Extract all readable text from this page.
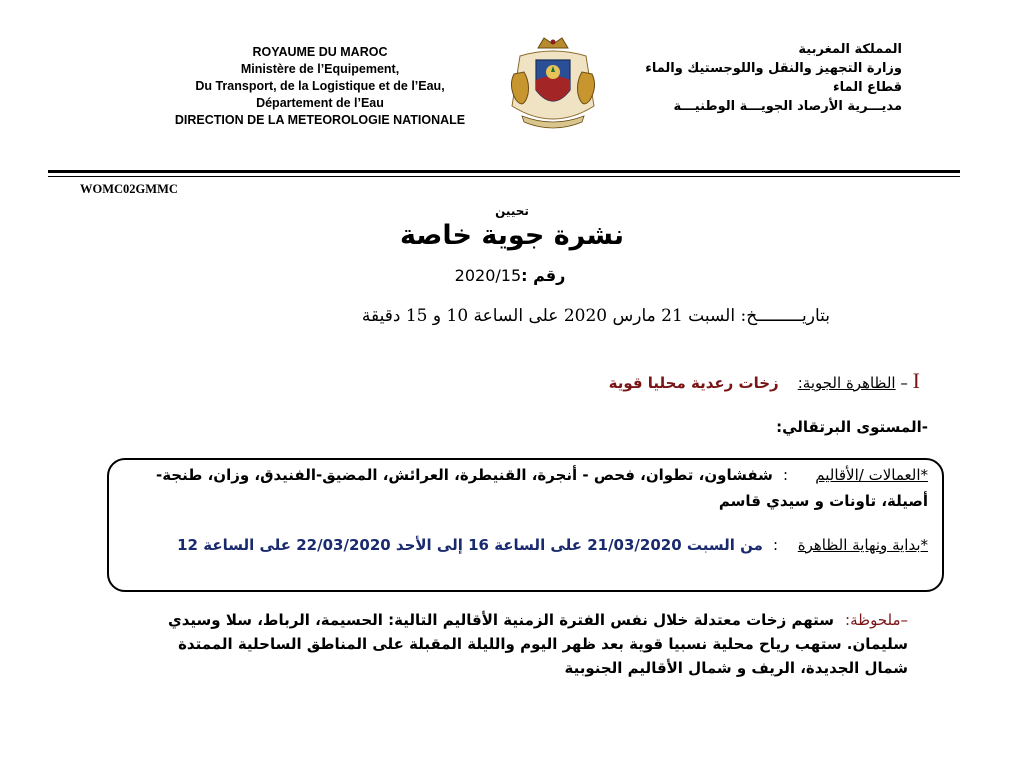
ROYAUME DU MAROC
Ministère de l’Equipement,
Du Transport, de la Logistique et de l’Eau,
Département de l’Eau
DIRECTION DE LA METEOROLOGIE NATIONALE
المملكة المغربية
وزارة التجهيز والنقل واللوجستيك والماء
قطاع الماء
مديـــرية الأرصاد الجويـــة الوطنيـــة
WOMC02GMMC
تحيين
نشرة جوية خاصة
رقم :2020/15
بتاريـــــــــخ: السبت 21 مارس 2020 على الساعة 10 و 15 دقيقة
I – الظاهرة الجوية:    زخات رعدية محليا قوية
-المستوى البرتقالي:
*العمالات /الأقاليم:شفشاون، تطوان، فحص - أنجرة، القنيطرة، العرائش، المضيق-الفنيدق، وزان، طنجة-أصيلة، تاونات و سيدي قاسم
*بداية ونهاية الظاهرة:من السبت 21/03/2020 على الساعة 16 إلى الأحد 22/03/2020 على الساعة 12
–ملحوظة:ستهم زخات معتدلة خلال نفس الفترة الزمنية الأقاليم التالية: الحسيمة، الرباط، سلا وسيدي سليمان. ستهب رياح محلية نسبيا قوية بعد ظهر اليوم والليلة المقبلة على المناطق الساحلية الممتدة شمال الجديدة، الريف و شمال الأقاليم الجنوبية
